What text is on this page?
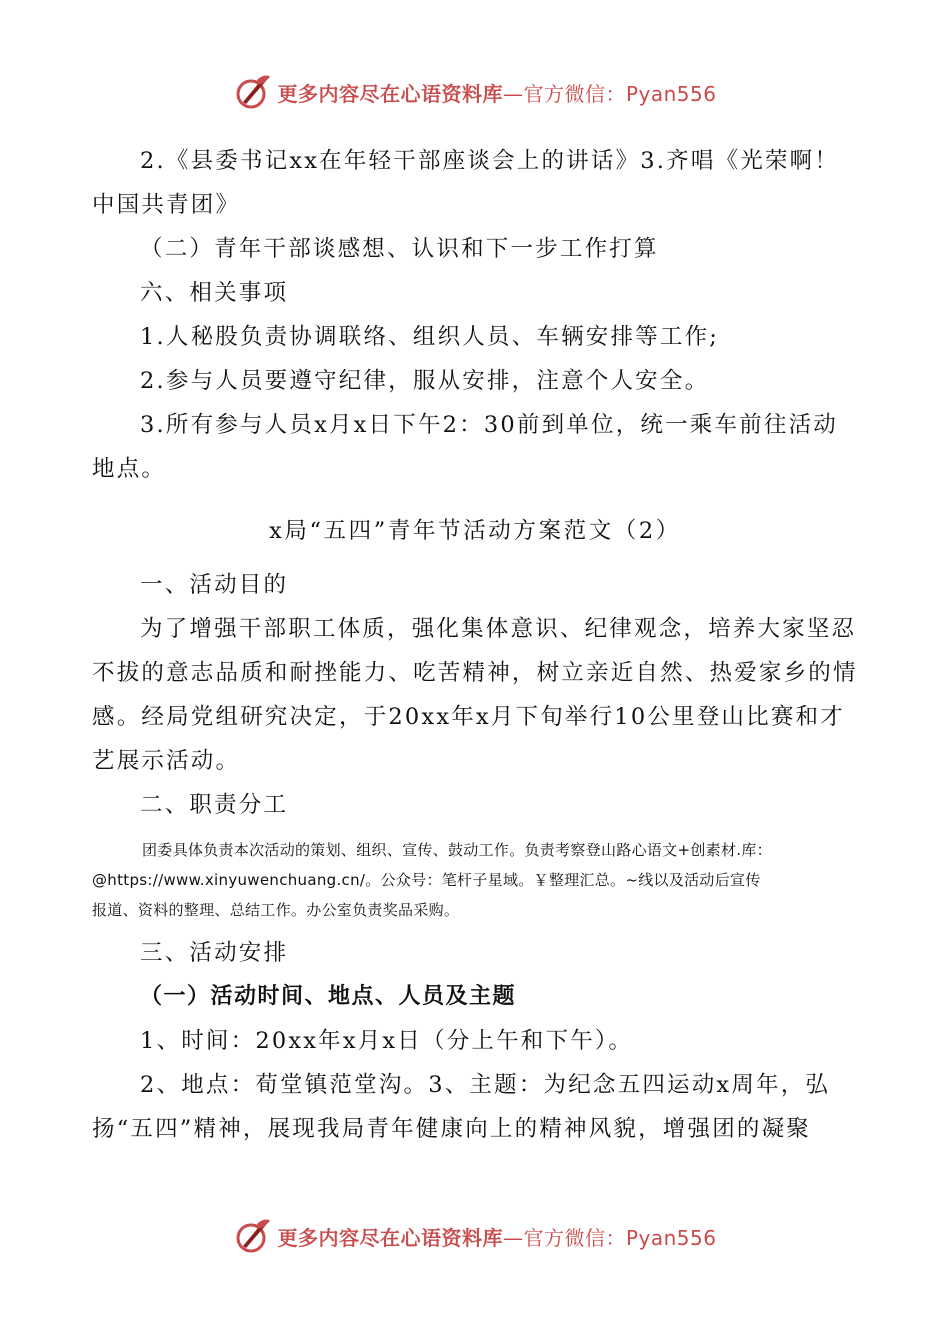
更多内容尽在心语资料库—官方微信：Pyan556

2.《县委书记xx在年轻干部座谈会上的讲话》3.齐唱《光荣啊！中国共青团》

（二）青年干部谈感想、认识和下一步工作打算

六、相关事项

1.人秘股负责协调联络、组织人员、车辆安排等工作;

2.参与人员要遵守纪律，服从安排，注意个人安全。

3.所有参与人员x月x日下午2：30前到单位，统一乘车前往活动地点。

x局“五四”青年节活动方案范文（2）

一、活动目的

为了增强干部职工体质，强化集体意识、纪律观念，培养大家坚忍不拔的意志品质和耐挫能力、吃苦精神，树立亲近自然、热爱家乡的情感。经局党组研究决定，于20xx年x月下旬举行10公里登山比赛和才艺展示活动。

二、职责分工

团委具体负责本次活动的策划、组织、宣传、鼓动工作。负责考察登山路心语文+创素材.库：
@https://www.xinyuwenchuang.cn/。公众号：笔杆子星域。￥整理汇总。~线以及活动后宣传
报道、资料的整理、总结工作。办公室负责奖品采购。

三、活动安排

（一）活动时间、地点、人员及主题

1、时间：20xx年x月x日（分上午和下午）。

2、地点：荀堂镇范堂沟。3、主题：为纪念五四运动x周年，弘扬“五四”精神，展现我局青年健康向上的精神风貌，增强团的凝聚

更多内容尽在心语资料库—官方微信：Pyan556
